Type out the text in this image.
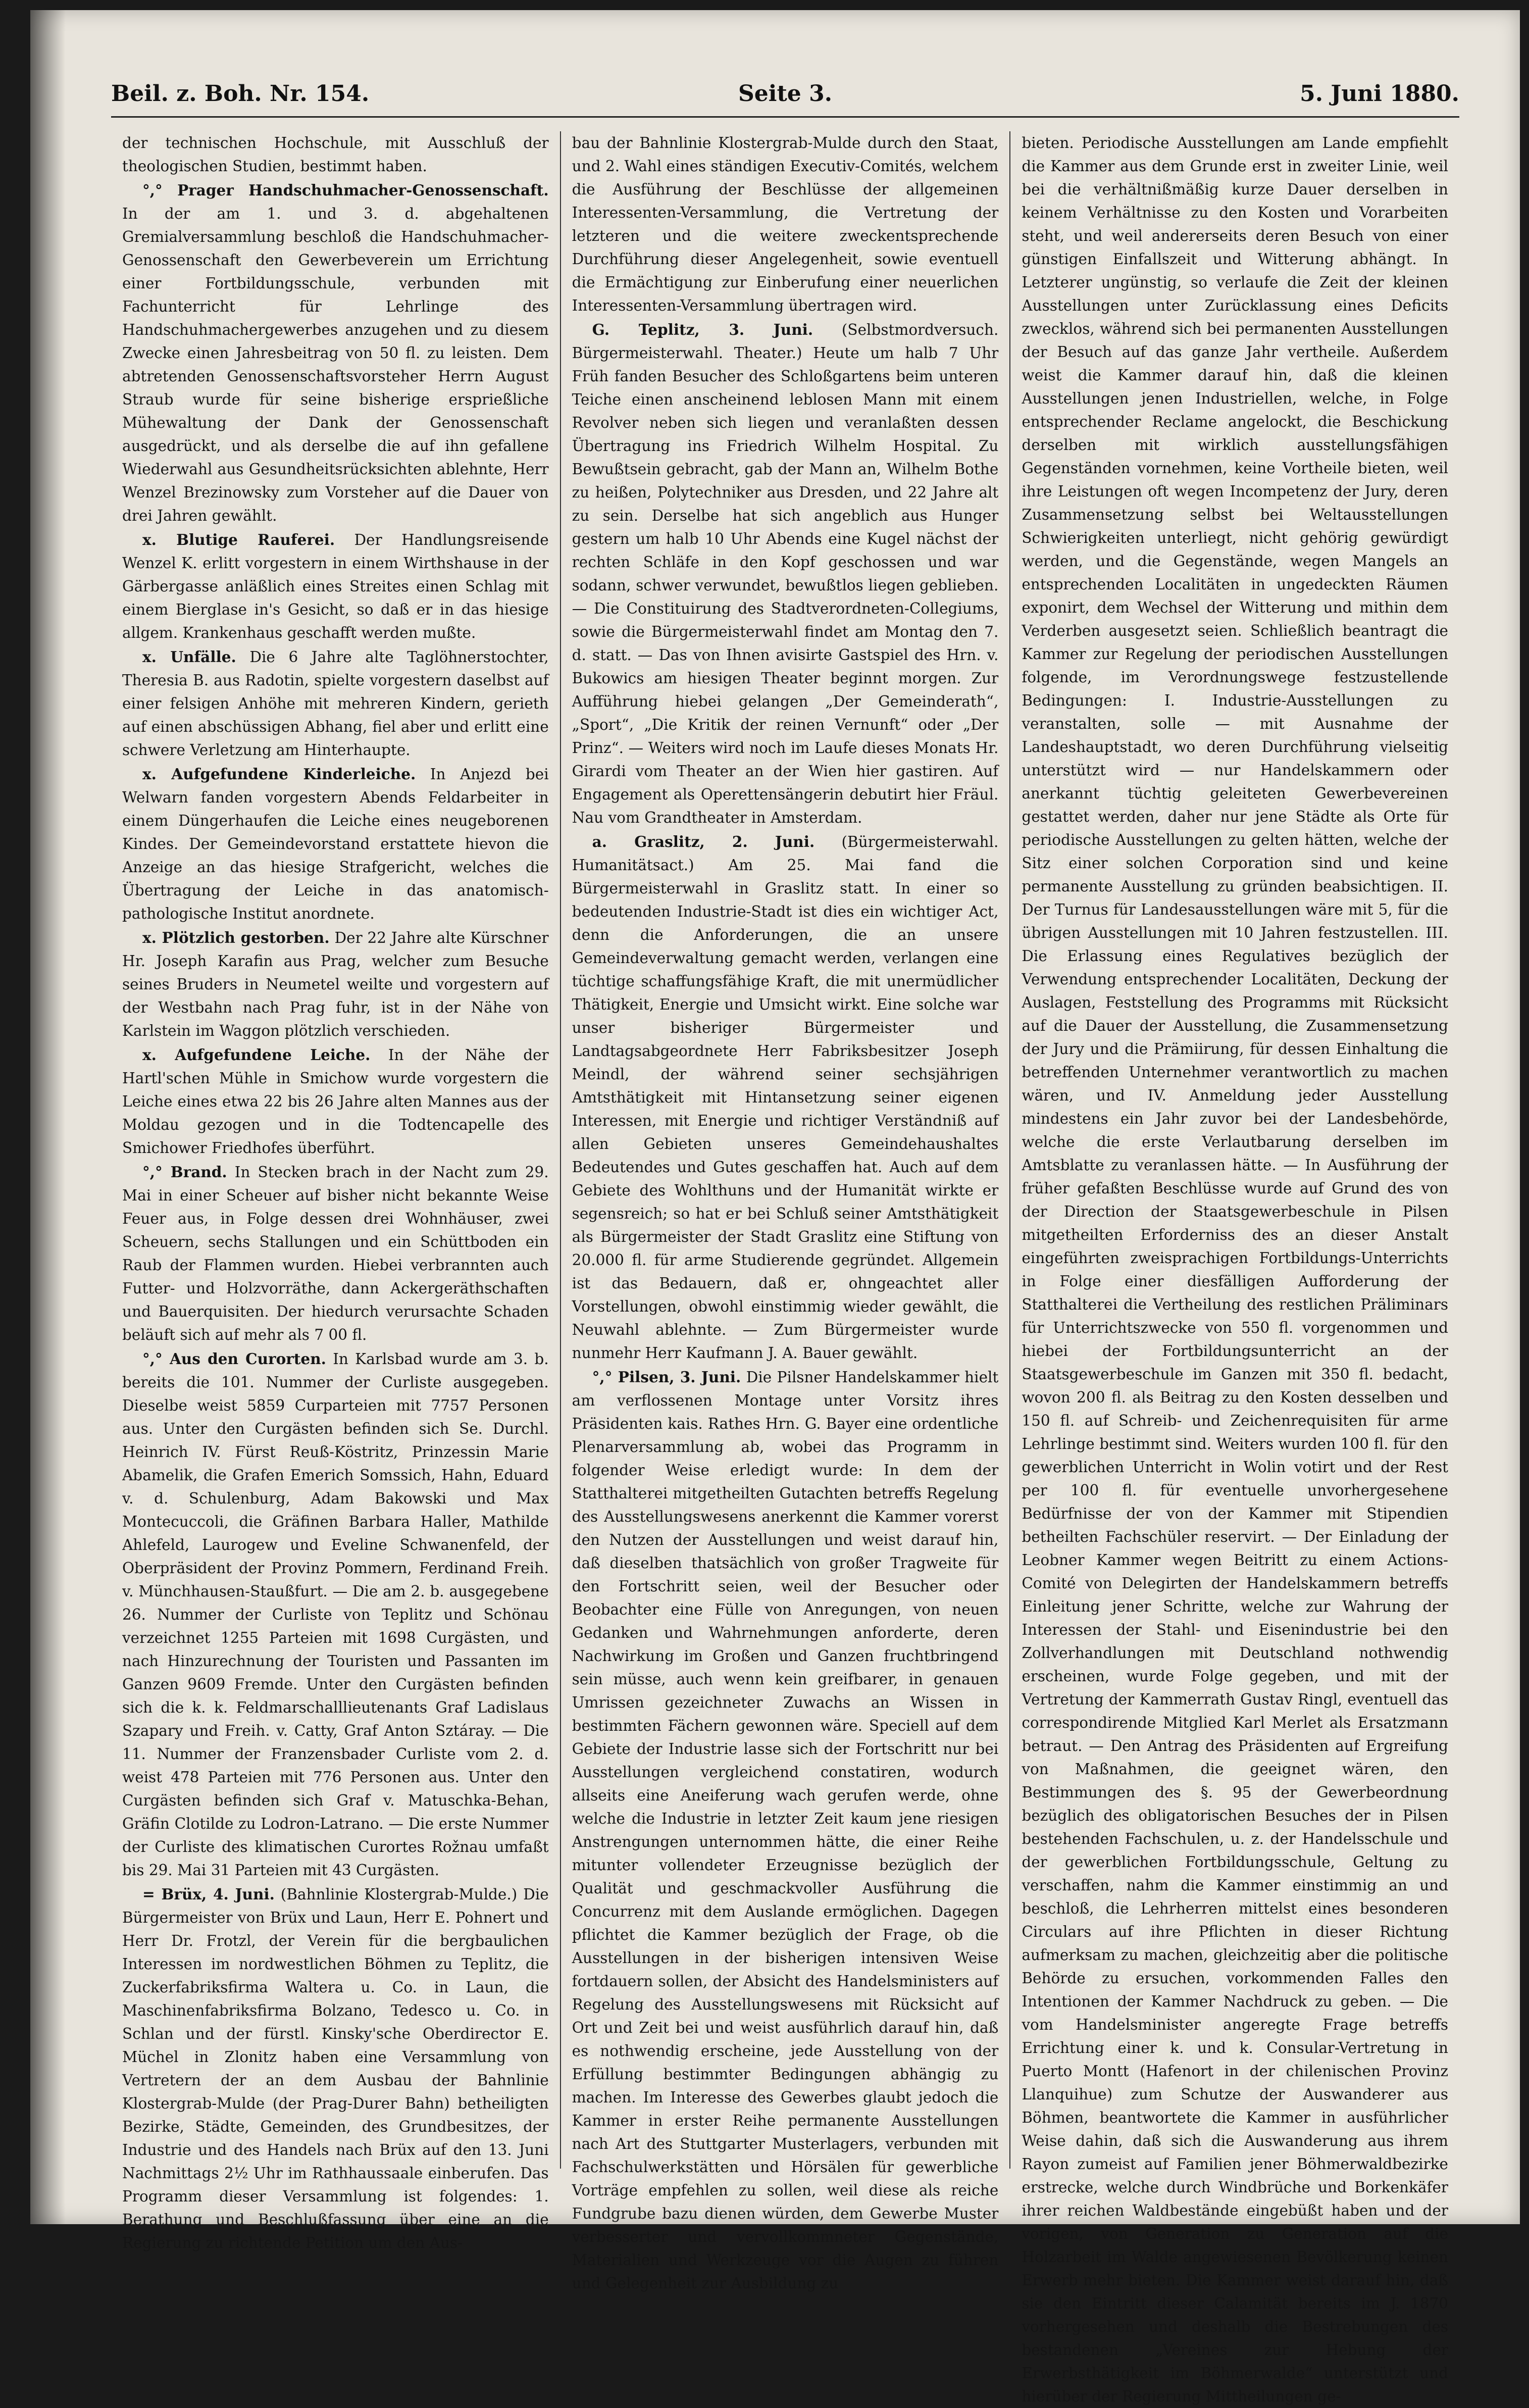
Beil. z. Boh. Nr. 154.	Seite 3.	5. Juni 1880.

der technischen Hochschule, mit Ausschluß der theologischen Studien, bestimmt haben.

°,° Prager Handschuhmacher-Genossenschaft. In der am 1. und 3. d. abgehaltenen Gremialversammlung beschloß die Handschuhmacher-Genossenschaft den Gewerbeverein um Errichtung einer Fortbildungsschule, verbunden mit Fachunterricht für Lehrlinge des Handschuhmachergewerbes anzugehen und zu diesem Zwecke einen Jahresbeitrag von 50 fl. zu leisten. Dem abtretenden Genossenschaftsvorsteher Herrn August Straub wurde für seine bisherige ersprießliche Mühewaltung der Dank der Genossenschaft ausgedrückt, und als derselbe die auf ihn gefallene Wiederwahl aus Gesundheitsrücksichten ablehnte, Herr Wenzel Brezinowsky zum Vorsteher auf die Dauer von drei Jahren gewählt.

x. Blutige Rauferei. Der Handlungsreisende Wenzel K. erlitt vorgestern in einem Wirthshause in der Gärbergasse anläßlich eines Streites einen Schlag mit einem Bierglase in's Gesicht, so daß er in das hiesige allgem. Krankenhaus geschafft werden mußte.

x. Unfälle. Die 6 Jahre alte Taglöhnerstochter, Theresia B. aus Radotin, spielte vorgestern daselbst auf einer felsigen Anhöhe mit mehreren Kindern, gerieth auf einen abschüssigen Abhang, fiel aber und erlitt eine schwere Verletzung am Hinterhaupte.

x. Aufgefundene Kinderleiche. In Anjezd bei Welwarn fanden vorgestern Abends Feldarbeiter in einem Düngerhaufen die Leiche eines neugeborenen Kindes. Der Gemeindevorstand erstattete hievon die Anzeige an das hiesige Strafgericht, welches die Übertragung der Leiche in das anatomisch-pathologische Institut anordnete.

x. Plötzlich gestorben. Der 22 Jahre alte Kürschner Hr. Joseph Karafin aus Prag, welcher zum Besuche seines Bruders in Neumetel weilte und vorgestern auf der Westbahn nach Prag fuhr, ist in der Nähe von Karlstein im Waggon plötzlich verschieden.

x. Aufgefundene Leiche. In der Nähe der Hartl'schen Mühle in Smichow wurde vorgestern die Leiche eines etwa 22 bis 26 Jahre alten Mannes aus der Moldau gezogen und in die Todtencapelle des Smichower Friedhofes überführt.

°,° Brand. In Stecken brach in der Nacht zum 29. Mai in einer Scheuer auf bisher nicht bekannte Weise Feuer aus, in Folge dessen drei Wohnhäuser, zwei Scheuern, sechs Stallungen und ein Schüttboden ein Raub der Flammen wurden. Hiebei verbrannten auch Futter- und Holzvorräthe, dann Ackergeräthschaften und Bauerquisiten. Der hiedurch verursachte Schaden beläuft sich auf mehr als 7 00 fl.

°,° Aus den Curorten. In Karlsbad wurde am 3. b. bereits die 101. Nummer der Curliste ausgegeben. Dieselbe weist 5859 Curparteien mit 7757 Personen aus. Unter den Curgästen befinden sich Se. Durchl. Heinrich IV. Fürst Reuß-Köstritz, Prinzessin Marie Abamelik, die Grafen Emerich Somssich, Hahn, Eduard v. d. Schulenburg, Adam Bakowski und Max Montecuccoli, die Gräfinen Barbara Haller, Mathilde Ahlefeld, Laurogew und Eveline Schwanenfeld, der Oberpräsident der Provinz Pommern, Ferdinand Freih. v. Münchhausen-Staußfurt. — Die am 2. b. ausgegebene 26. Nummer der Curliste von Teplitz und Schönau verzeichnet 1255 Parteien mit 1698 Curgästen, und nach Hinzurechnung der Touristen und Passanten im Ganzen 9609 Fremde. Unter den Curgästen befinden sich die k. k. Feldmarschalllieutenants Graf Ladislaus Szapary und Freih. v. Catty, Graf Anton Sztáray. — Die 11. Nummer der Franzensbader Curliste vom 2. d. weist 478 Parteien mit 776 Personen aus. Unter den Curgästen befinden sich Graf v. Matuschka-Behan, Gräfin Clotilde zu Lodron-Latrano. — Die erste Nummer der Curliste des klimatischen Curortes Rožnau umfaßt bis 29. Mai 31 Parteien mit 43 Curgästen.

= Brüx, 4. Juni. (Bahnlinie Klostergrab-Mulde.) Die Bürgermeister von Brüx und Laun, Herr E. Pohnert und Herr Dr. Frotzl, der Verein für die bergbaulichen Interessen im nordwestlichen Böhmen zu Teplitz, die Zuckerfabriksfirma Waltera u. Co. in Laun, die Maschinenfabriksfirma Bolzano, Tedesco u. Co. in Schlan und der fürstl. Kinsky'sche Oberdirector E. Müchel in Zlonitz haben eine Versammlung von Vertretern der an dem Ausbau der Bahnlinie Klostergrab-Mulde (der Prag-Durer Bahn) betheiligten Bezirke, Städte, Gemeinden, des Grundbesitzes, der Industrie und des Handels nach Brüx auf den 13. Juni Nachmittags 2½ Uhr im Rathhaussaale einberufen. Das Programm dieser Versammlung ist folgendes: 1. Berathung und Beschlußfassung über eine an die Regierung zu richtende Petition um den Aus-

bau der Bahnlinie Klostergrab-Mulde durch den Staat, und 2. Wahl eines ständigen Executiv-Comités, welchem die Ausführung der Beschlüsse der allgemeinen Interessenten-Versammlung, die Vertretung der letzteren und die weitere zweckentsprechende Durchführung dieser Angelegenheit, sowie eventuell die Ermächtigung zur Einberufung einer neuerlichen Interessenten-Versammlung übertragen wird.

G. Teplitz, 3. Juni. (Selbstmordversuch. Bürgermeisterwahl. Theater.) Heute um halb 7 Uhr Früh fanden Besucher des Schloßgartens beim unteren Teiche einen anscheinend leblosen Mann mit einem Revolver neben sich liegen und veranlaßten dessen Übertragung ins Friedrich Wilhelm Hospital. Zu Bewußtsein gebracht, gab der Mann an, Wilhelm Bothe zu heißen, Polytechniker aus Dresden, und 22 Jahre alt zu sein. Derselbe hat sich angeblich aus Hunger gestern um halb 10 Uhr Abends eine Kugel nächst der rechten Schläfe in den Kopf geschossen und war sodann, schwer verwundet, bewußtlos liegen geblieben. — Die Constituirung des Stadtverordneten-Collegiums, sowie die Bürgermeisterwahl findet am Montag den 7. d. statt. — Das von Ihnen avisirte Gastspiel des Hrn. v. Bukowics am hiesigen Theater beginnt morgen. Zur Aufführung hiebei gelangen „Der Gemeinderath“, „Sport“, „Die Kritik der reinen Vernunft“ oder „Der Prinz“. — Weiters wird noch im Laufe dieses Monats Hr. Girardi vom Theater an der Wien hier gastiren. Auf Engagement als Operettensängerin debutirt hier Fräul. Nau vom Grandtheater in Amsterdam.

a. Graslitz, 2. Juni. (Bürgermeisterwahl. Humanitätsact.) Am 25. Mai fand die Bürgermeisterwahl in Graslitz statt. In einer so bedeutenden Industrie-Stadt ist dies ein wichtiger Act, denn die Anforderungen, die an unsere Gemeindeverwaltung gemacht werden, verlangen eine tüchtige schaffungsfähige Kraft, die mit unermüdlicher Thätigkeit, Energie und Umsicht wirkt. Eine solche war unser bisheriger Bürgermeister und Landtagsabgeordnete Herr Fabriksbesitzer Joseph Meindl, der während seiner sechsjährigen Amtsthätigkeit mit Hintansetzung seiner eigenen Interessen, mit Energie und richtiger Verständniß auf allen Gebieten unseres Gemeindehaushaltes Bedeutendes und Gutes geschaffen hat. Auch auf dem Gebiete des Wohlthuns und der Humanität wirkte er segensreich; so hat er bei Schluß seiner Amtsthätigkeit als Bürgermeister der Stadt Graslitz eine Stiftung von 20.000 fl. für arme Studierende gegründet. Allgemein ist das Bedauern, daß er, ohngeachtet aller Vorstellungen, obwohl einstimmig wieder gewählt, die Neuwahl ablehnte. — Zum Bürgermeister wurde nunmehr Herr Kaufmann J. A. Bauer gewählt.

°,° Pilsen, 3. Juni. Die Pilsner Handelskammer hielt am verflossenen Montage unter Vorsitz ihres Präsidenten kais. Rathes Hrn. G. Bayer eine ordentliche Plenarversammlung ab, wobei das Programm in folgender Weise erledigt wurde: In dem der Statthalterei mitgetheilten Gutachten betreffs Regelung des Ausstellungswesens anerkennt die Kammer vorerst den Nutzen der Ausstellungen und weist darauf hin, daß dieselben thatsächlich von großer Tragweite für den Fortschritt seien, weil der Besucher oder Beobachter eine Fülle von Anregungen, von neuen Gedanken und Wahrnehmungen anforderte, deren Nachwirkung im Großen und Ganzen fruchtbringend sein müsse, auch wenn kein greifbarer, in genauen Umrissen gezeichneter Zuwachs an Wissen in bestimmten Fächern gewonnen wäre. Speciell auf dem Gebiete der Industrie lasse sich der Fortschritt nur bei Ausstellungen vergleichend constatiren, wodurch allseits eine Aneiferung wach gerufen werde, ohne welche die Industrie in letzter Zeit kaum jene riesigen Anstrengungen unternommen hätte, die einer Reihe mitunter vollendeter Erzeugnisse bezüglich der Qualität und geschmackvoller Ausführung die Concurrenz mit dem Auslande ermöglichen. Dagegen pflichtet die Kammer bezüglich der Frage, ob die Ausstellungen in der bisherigen intensiven Weise fortdauern sollen, der Absicht des Handelsministers auf Regelung des Ausstellungswesens mit Rücksicht auf Ort und Zeit bei und weist ausführlich darauf hin, daß es nothwendig erscheine, jede Ausstellung von der Erfüllung bestimmter Bedingungen abhängig zu machen. Im Interesse des Gewerbes glaubt jedoch die Kammer in erster Reihe permanente Ausstellungen nach Art des Stuttgarter Musterlagers, verbunden mit Fachschulwerkstätten und Hörsälen für gewerbliche Vorträge empfehlen zu sollen, weil diese als reiche Fundgrube bazu dienen würden, dem Gewerbe Muster verbesserter und vervollkommneter Gegenstände, Materialien und Werkzeuge vor die Augen zu führen und Gelegenheit zur Ausbildung zu

bieten. Periodische Ausstellungen am Lande empfiehlt die Kammer aus dem Grunde erst in zweiter Linie, weil bei die verhältnißmäßig kurze Dauer derselben in keinem Verhältnisse zu den Kosten und Vorarbeiten steht, und weil andererseits deren Besuch von einer günstigen Einfallszeit und Witterung abhängt. In Letzterer ungünstig, so verlaufe die Zeit der kleinen Ausstellungen unter Zurücklassung eines Deficits zwecklos, während sich bei permanenten Ausstellungen der Besuch auf das ganze Jahr vertheile. Außerdem weist die Kammer darauf hin, daß die kleinen Ausstellungen jenen Industriellen, welche, in Folge entsprechender Reclame angelockt, die Beschickung derselben mit wirklich ausstellungsfähigen Gegenständen vornehmen, keine Vortheile bieten, weil ihre Leistungen oft wegen Incompetenz der Jury, deren Zusammensetzung selbst bei Weltausstellungen Schwierigkeiten unterliegt, nicht gehörig gewürdigt werden, und die Gegenstände, wegen Mangels an entsprechenden Localitäten in ungedeckten Räumen exponirt, dem Wechsel der Witterung und mithin dem Verderben ausgesetzt seien. Schließlich beantragt die Kammer zur Regelung der periodischen Ausstellungen folgende, im Verordnungswege festzustellende Bedingungen: I. Industrie-Ausstellungen zu veranstalten, solle — mit Ausnahme der Landeshauptstadt, wo deren Durchführung vielseitig unterstützt wird — nur Handelskammern oder anerkannt tüchtig geleiteten Gewerbevereinen gestattet werden, daher nur jene Städte als Orte für periodische Ausstellungen zu gelten hätten, welche der Sitz einer solchen Corporation sind und keine permanente Ausstellung zu gründen beabsichtigen. II. Der Turnus für Landesausstellungen wäre mit 5, für die übrigen Ausstellungen mit 10 Jahren festzustellen. III. Die Erlassung eines Regulatives bezüglich der Verwendung entsprechender Localitäten, Deckung der Auslagen, Feststellung des Programms mit Rücksicht auf die Dauer der Ausstellung, die Zusammensetzung der Jury und die Prämiirung, für dessen Einhaltung die betreffenden Unternehmer verantwortlich zu machen wären, und IV. Anmeldung jeder Ausstellung mindestens ein Jahr zuvor bei der Landesbehörde, welche die erste Verlautbarung derselben im Amtsblatte zu veranlassen hätte. — In Ausführung der früher gefaßten Beschlüsse wurde auf Grund des von der Direction der Staatsgewerbeschule in Pilsen mitgetheilten Erforderniss des an dieser Anstalt eingeführten zweisprachigen Fortbildungs-Unterrichts in Folge einer diesfälligen Aufforderung der Statthalterei die Vertheilung des restlichen Präliminars für Unterrichtszwecke von 550 fl. vorgenommen und hiebei der Fortbildungsunterricht an der Staatsgewerbeschule im Ganzen mit 350 fl. bedacht, wovon 200 fl. als Beitrag zu den Kosten desselben und 150 fl. auf Schreib- und Zeichenrequisiten für arme Lehrlinge bestimmt sind. Weiters wurden 100 fl. für den gewerblichen Unterricht in Wolin votirt und der Rest per 100 fl. für eventuelle unvorhergesehene Bedürfnisse der von der Kammer mit Stipendien betheilten Fachschüler reservirt. — Der Einladung der Leobner Kammer wegen Beitritt zu einem Actions-Comité von Delegirten der Handelskammern betreffs Einleitung jener Schritte, welche zur Wahrung der Interessen der Stahl- und Eisenindustrie bei den Zollverhandlungen mit Deutschland nothwendig erscheinen, wurde Folge gegeben, und mit der Vertretung der Kammerrath Gustav Ringl, eventuell das correspondirende Mitglied Karl Merlet als Ersatzmann betraut. — Den Antrag des Präsidenten auf Ergreifung von Maßnahmen, die geeignet wären, den Bestimmungen des §. 95 der Gewerbeordnung bezüglich des obligatorischen Besuches der in Pilsen bestehenden Fachschulen, u. z. der Handelsschule und der gewerblichen Fortbildungsschule, Geltung zu verschaffen, nahm die Kammer einstimmig an und beschloß, die Lehrherren mittelst eines besonderen Circulars auf ihre Pflichten in dieser Richtung aufmerksam zu machen, gleichzeitig aber die politische Behörde zu ersuchen, vorkommenden Falles den Intentionen der Kammer Nachdruck zu geben. — Die vom Handelsminister angeregte Frage betreffs Errichtung einer k. und k. Consular-Vertretung in Puerto Montt (Hafenort in der chilenischen Provinz Llanquihue) zum Schutze der Auswanderer aus Böhmen, beantwortete die Kammer in ausführlicher Weise dahin, daß sich die Auswanderung aus ihrem Rayon zumeist auf Familien jener Böhmerwaldbezirke erstrecke, welche durch Windbrüche und Borkenkäfer ihrer reichen Waldbestände eingebüßt haben und der vorigen, von Generation zu Generation auf die Holzarbeit im Walde angewiesenen Bevölkerung keinen Erwerb mehr bieten. Die Kammer weist darauf hin, daß sie den Eintritt dieser Calamität bereits im J. 1870 vorhergesehen und deshalb die Bestrebungen des bestandenen „Vereines zur Hebung der Erwerbsthätigkeit im Böhmerwalde“ unterstützt und hierüber der Regierung Mittheilungen ge-
